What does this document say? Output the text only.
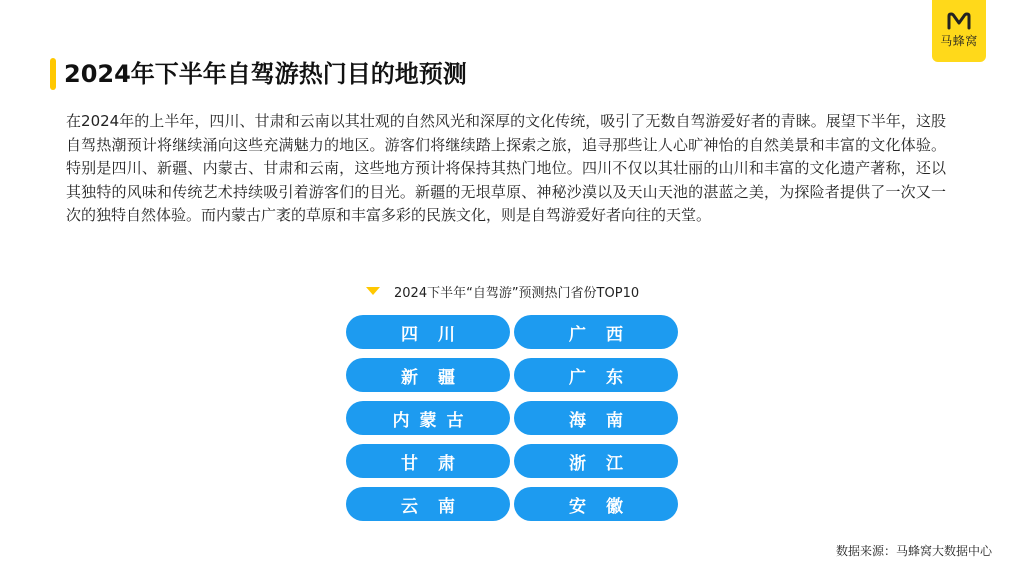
马蜂窝
2024年下半年自驾游热门目的地预测

在2024年的上半年，四川、甘肃和云南以其壮观的自然风光和深厚的文化传统，吸引了无数自驾游爱好者的青睐。展望下半年，这股自驾热潮预计将继续涌向这些充满魅力的地区。游客们将继续踏上探索之旅，追寻那些让人心旷神怡的自然美景和丰富的文化体验。特别是四川、新疆、内蒙古、甘肃和云南，这些地方预计将保持其热门地位。四川不仅以其壮丽的山川和丰富的文化遗产著称，还以其独特的风味和传统艺术持续吸引着游客们的目光。新疆的无垠草原、神秘沙漠以及天山天池的湛蓝之美，为探险者提供了一次又一次的独特自然体验。而内蒙古广袤的草原和丰富多彩的民族文化，则是自驾游爱好者向往的天堂。

2024下半年“自驾游”预测热门省份TOP10
四川	广西
新疆	广东
内蒙古	海南
甘肃	浙江
云南	安徽
数据来源：马蜂窝大数据中心
